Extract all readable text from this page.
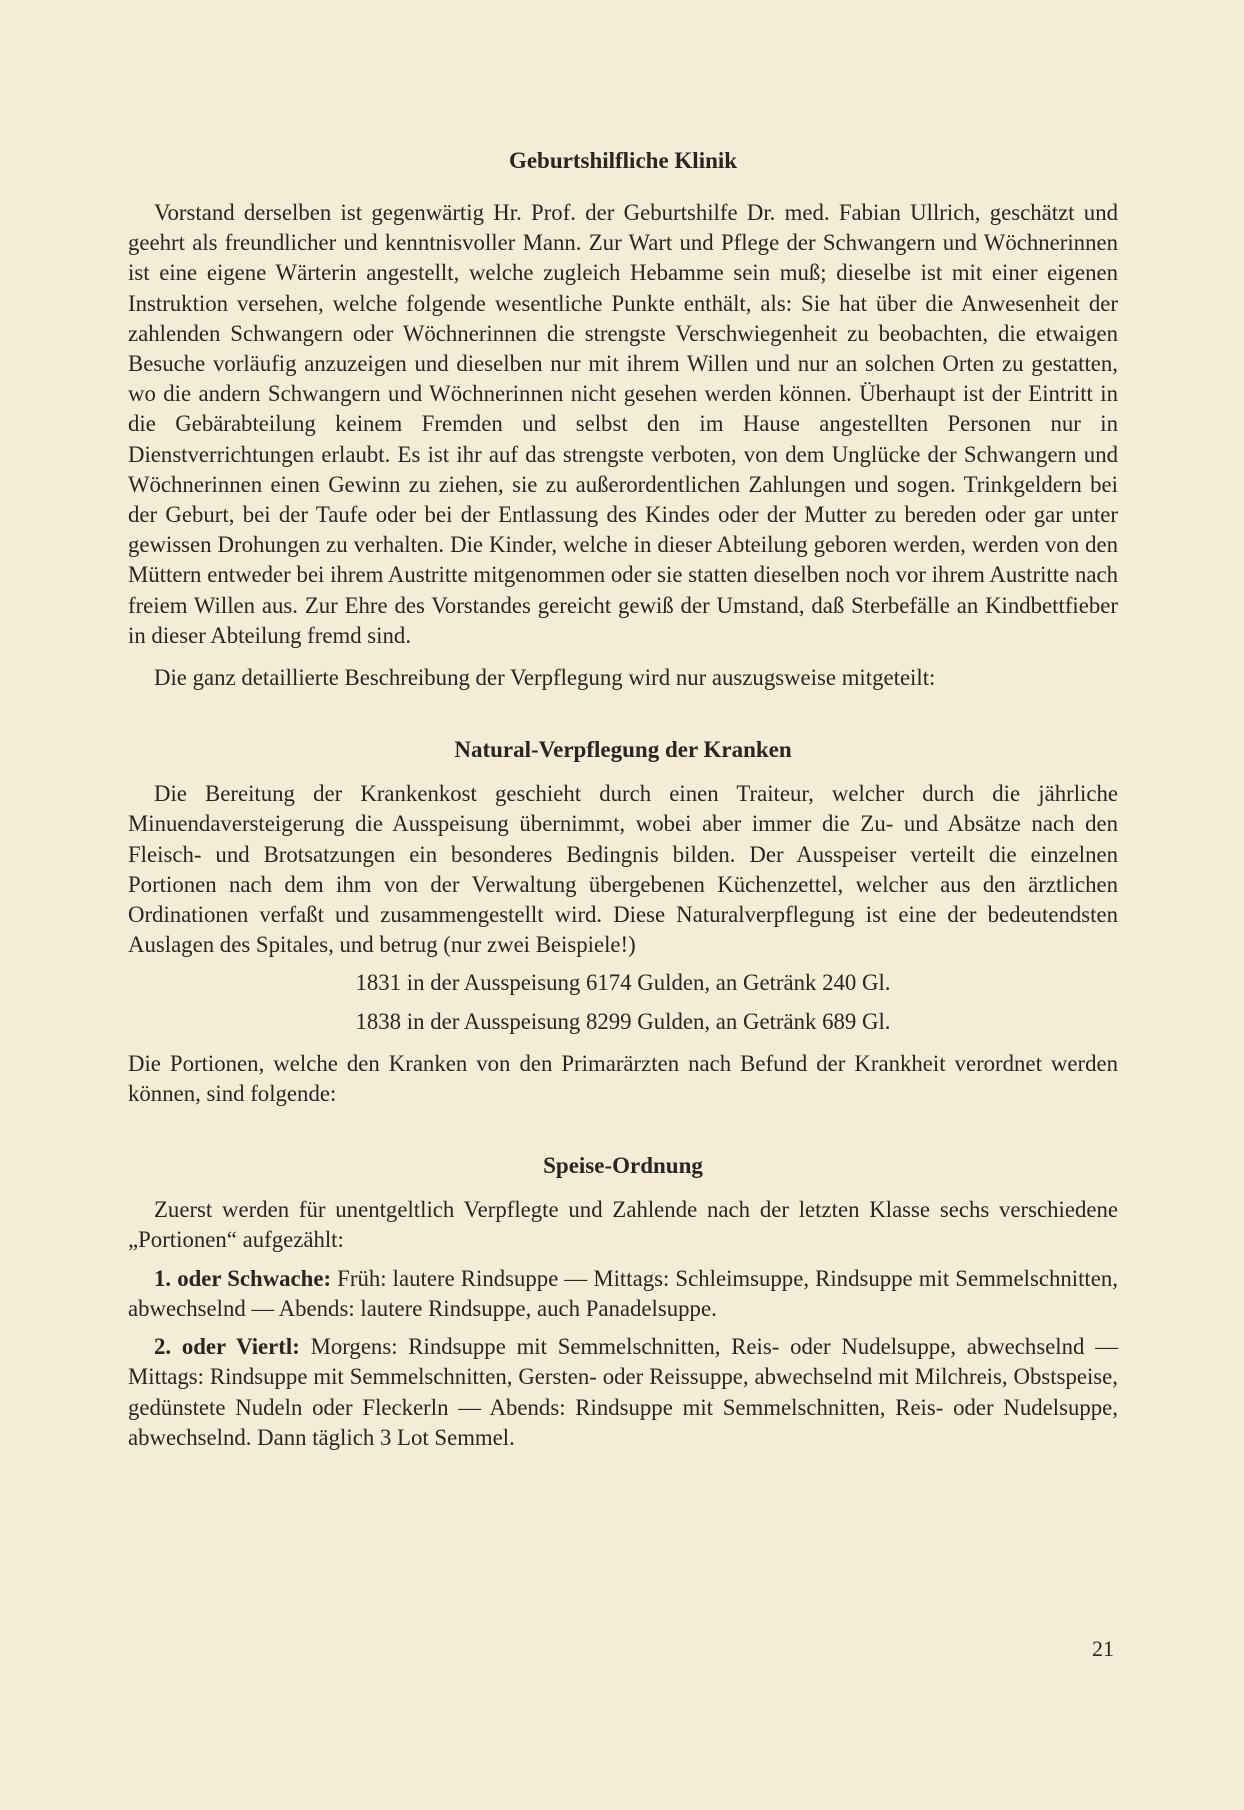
Geburtshilfliche Klinik

Vorstand derselben ist gegenwärtig Hr. Prof. der Geburtshilfe Dr. med. Fabian Ullrich, geschätzt und geehrt als freundlicher und kenntnisvoller Mann. Zur Wart und Pflege der Schwangern und Wöchnerinnen ist eine eigene Wärterin angestellt, welche zugleich Hebamme sein muß; dieselbe ist mit einer eigenen Instruktion versehen, welche folgende wesentliche Punkte enthält, als: Sie hat über die Anwesenheit der zahlenden Schwangern oder Wöchnerinnen die strengste Verschwiegenheit zu beobachten, die etwaigen Besuche vorläufig anzuzeigen und dieselben nur mit ihrem Willen und nur an solchen Orten zu gestatten, wo die andern Schwangern und Wöchnerinnen nicht gesehen werden können. Überhaupt ist der Eintritt in die Gebärabteilung keinem Fremden und selbst den im Hause angestellten Personen nur in Dienstverrichtungen erlaubt. Es ist ihr auf das strengste verboten, von dem Unglücke der Schwangern und Wöchnerinnen einen Gewinn zu ziehen, sie zu außerordentlichen Zahlungen und sogen. Trinkgeldern bei der Geburt, bei der Taufe oder bei der Entlassung des Kindes oder der Mutter zu bereden oder gar unter gewissen Drohungen zu verhalten. Die Kinder, welche in dieser Abteilung geboren werden, werden von den Müttern entweder bei ihrem Austritte mitgenommen oder sie statten dieselben noch vor ihrem Austritte nach freiem Willen aus. Zur Ehre des Vorstandes gereicht gewiß der Umstand, daß Sterbefälle an Kindbettfieber in dieser Abteilung fremd sind.

Die ganz detaillierte Beschreibung der Verpflegung wird nur auszugsweise mitgeteilt:

Natural-Verpflegung der Kranken

Die Bereitung der Krankenkost geschieht durch einen Traiteur, welcher durch die jährliche Minuendaversteigerung die Ausspeisung übernimmt, wobei aber immer die Zu- und Absätze nach den Fleisch- und Brotsatzungen ein besonderes Bedingnis bilden. Der Ausspeiser verteilt die einzelnen Portionen nach dem ihm von der Verwaltung übergebenen Küchenzettel, welcher aus den ärztlichen Ordinationen verfaßt und zusammengestellt wird. Diese Naturalverpflegung ist eine der bedeutendsten Auslagen des Spitales, und betrug (nur zwei Beispiele!)

1831 in der Ausspeisung 6174 Gulden, an Getränk 240 Gl.

1838 in der Ausspeisung 8299 Gulden, an Getränk 689 Gl.

Die Portionen, welche den Kranken von den Primarärzten nach Befund der Krankheit verordnet werden können, sind folgende:

Speise-Ordnung

Zuerst werden für unentgeltlich Verpflegte und Zahlende nach der letzten Klasse sechs verschiedene „Portionen“ aufgezählt:

1. oder Schwache: Früh: lautere Rindsuppe — Mittags: Schleimsuppe, Rindsuppe mit Semmelschnitten, abwechselnd — Abends: lautere Rindsuppe, auch Panadelsuppe.

2. oder Viertl: Morgens: Rindsuppe mit Semmelschnitten, Reis- oder Nudelsuppe, abwechselnd — Mittags: Rindsuppe mit Semmelschnitten, Gersten- oder Reissuppe, abwechselnd mit Milchreis, Obstspeise, gedünstete Nudeln oder Fleckerln — Abends: Rindsuppe mit Semmelschnitten, Reis- oder Nudelsuppe, abwechselnd. Dann täglich 3 Lot Semmel.

21
